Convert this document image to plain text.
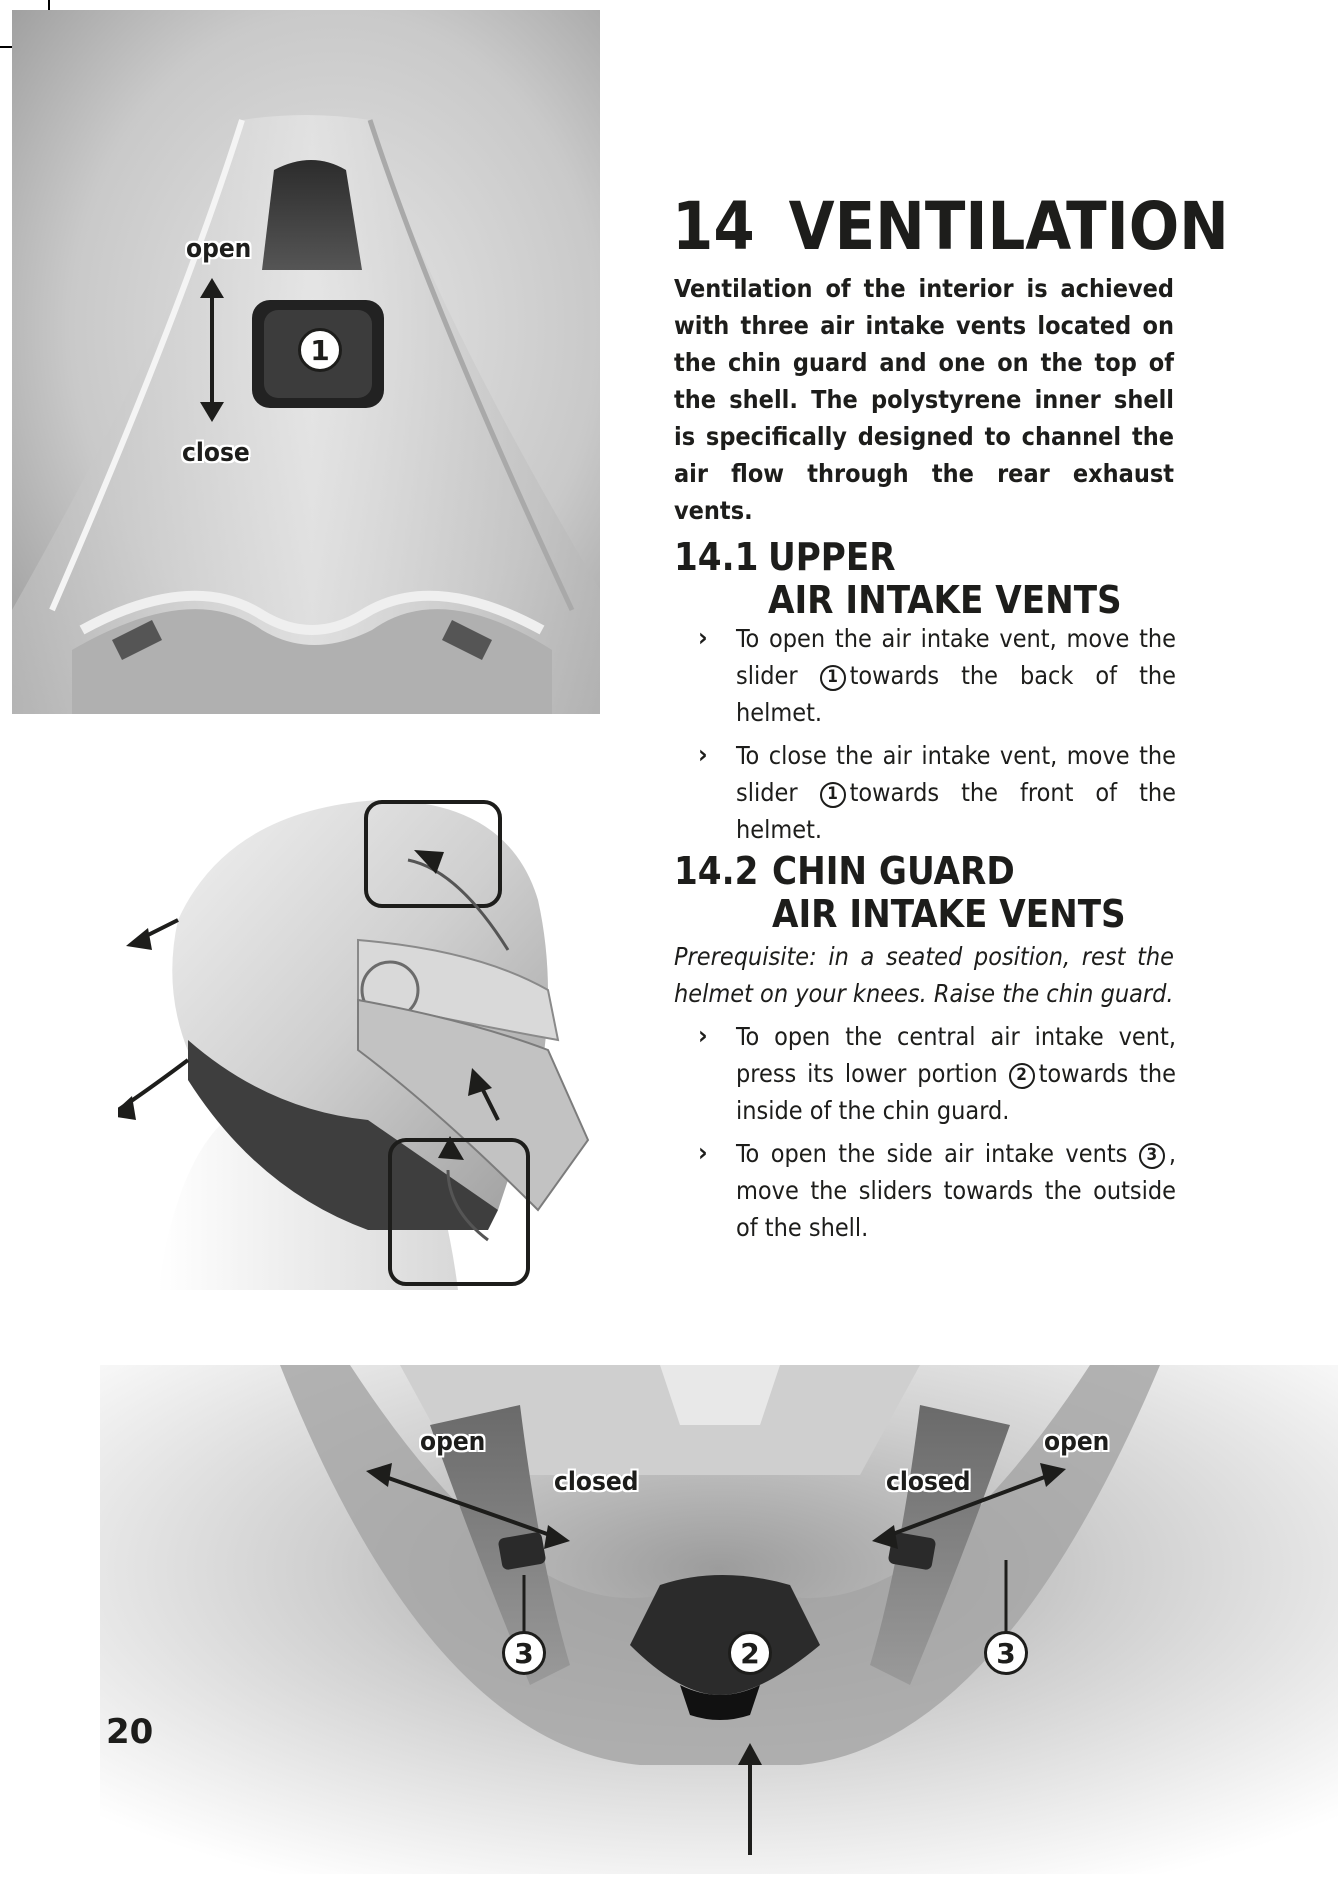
open
close
1
open
closed	closed
open
3	2	3
14 VENTILATION

Ventilation of the interior is achieved with three air intake vents located on the chin guard and one on the top of the shell. The polystyrene inner shell is specifically designed to channel the air flow through the rear exhaust vents.

14.1 UPPER
AIR INTAKE VENTS
› To open the air intake vent, move the slider 1 towards the back of the helmet.
› To close the air intake vent, move the slider 1 towards the front of the helmet.
14.2 CHIN GUARD
AIR INTAKE VENTS

Prerequisite: in a seated position, rest the helmet on your knees. Raise the chin guard.

› To open the central air intake vent, press its lower portion 2 towards the inside of the chin guard.
› To open the side air intake vents 3 , move the sliders towards the outside of the shell.
20
